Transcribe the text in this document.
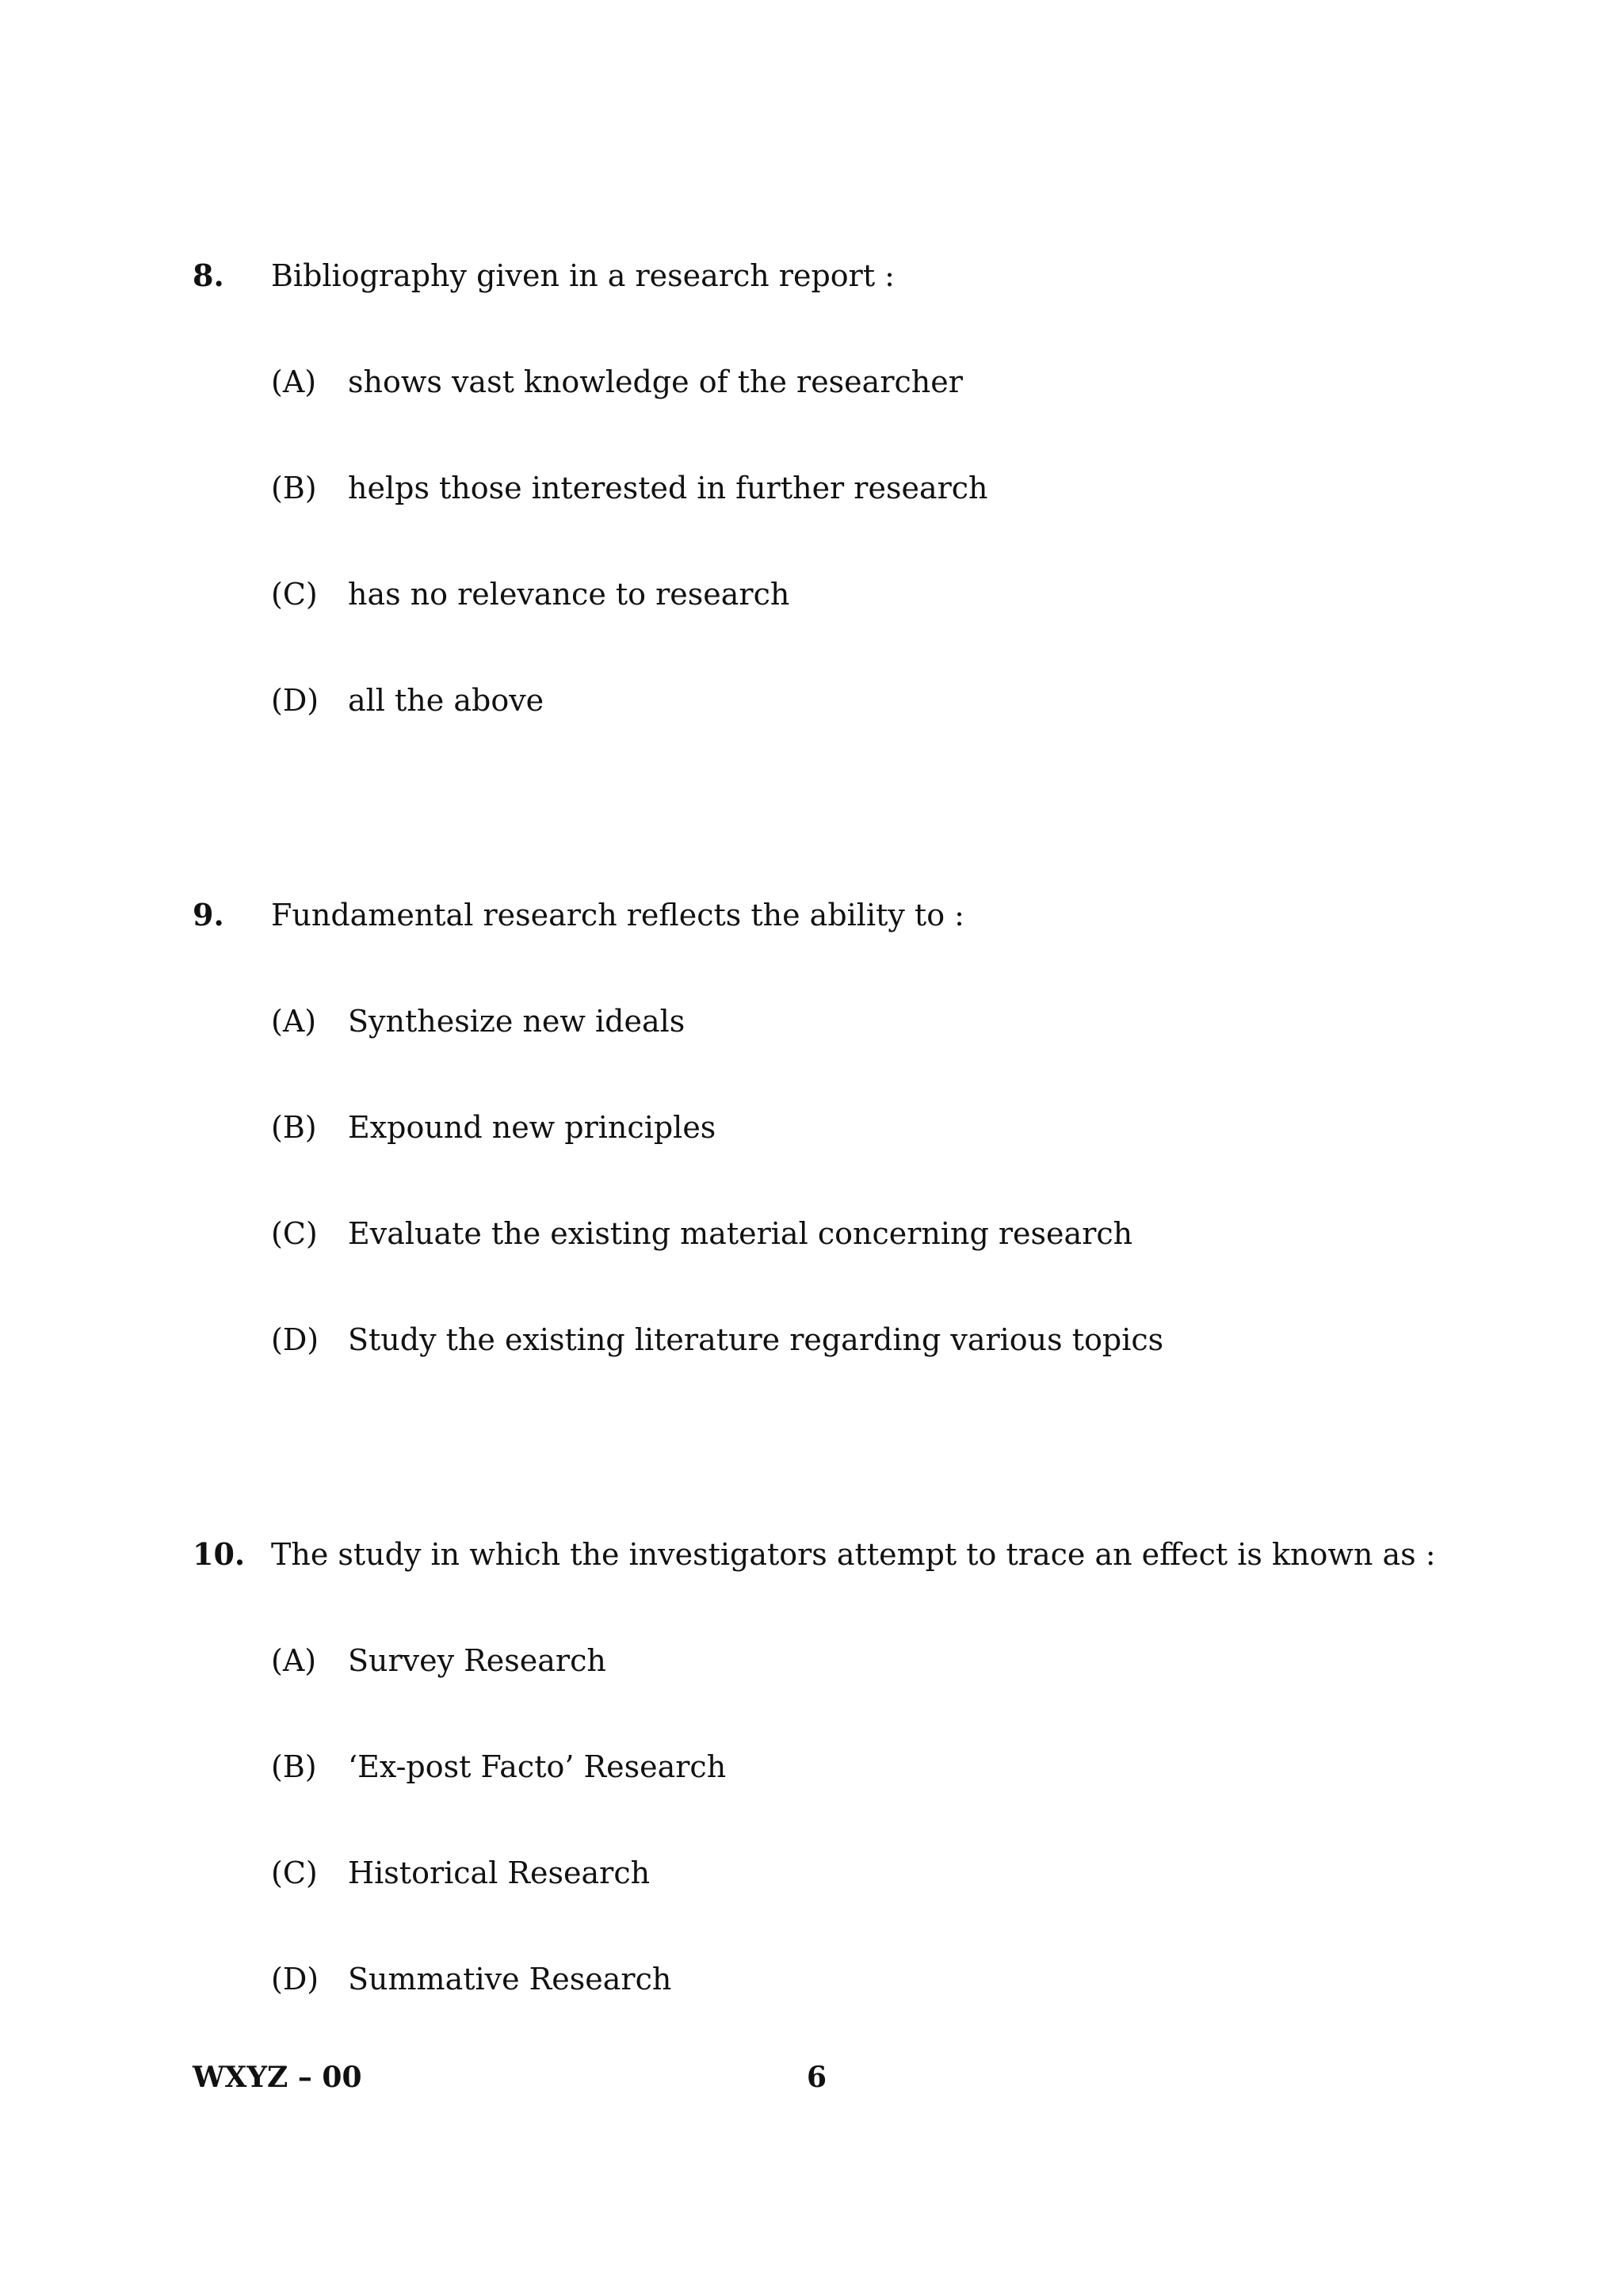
8. Bibliography given in a research report :
(A) shows vast knowledge of the researcher
(B) helps those interested in further research
(C) has no relevance to research
(D) all the above
9. Fundamental research reflects the ability to :
(A) Synthesize new ideals
(B) Expound new principles
(C) Evaluate the existing material concerning research
(D) Study the existing literature regarding various topics
10. The study in which the investigators attempt to trace an effect is known as :
(A) Survey Research
(B) ‘Ex-post Facto’ Research
(C) Historical Research
(D) Summative Research
WXYZ – 00	6
